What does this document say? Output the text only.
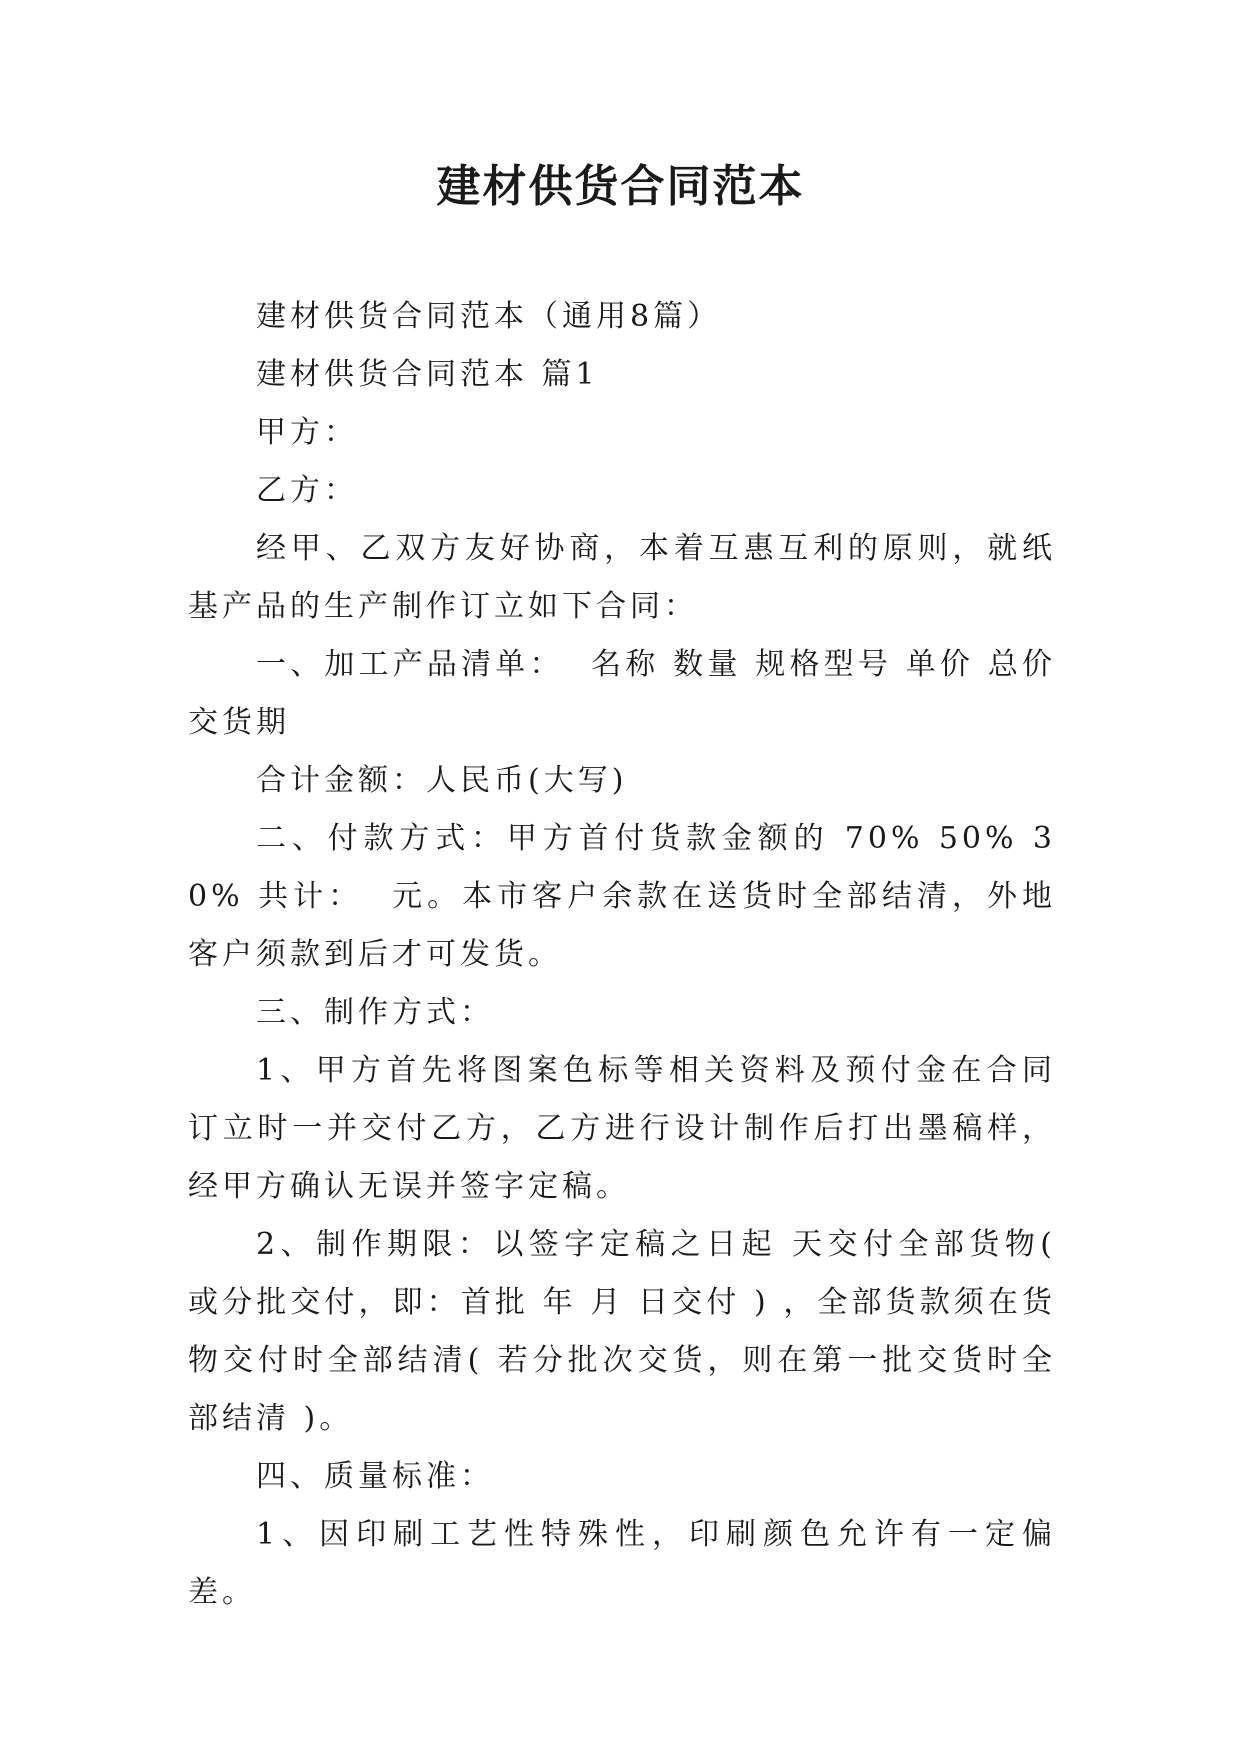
建材供货合同范本

建材供货合同范本（通用8篇）

建材供货合同范本 篇1

甲方：

乙方：

经甲、乙双方友好协商，本着互惠互利的原则，就纸基产品的生产制作订立如下合同：

一、加工产品清单：  名称 数量 规格型号 单价 总价 交货期

合计金额：人民币(大写)

二、付款方式：甲方首付货款金额的 70% 50% 30% 共计：  元。本市客户余款在送货时全部结清，外地客户须款到后才可发货。

三、制作方式：

1、甲方首先将图案色标等相关资料及预付金在合同订立时一并交付乙方，乙方进行设计制作后打出墨稿样，经甲方确认无误并签字定稿。

2、制作期限：以签字定稿之日起 天交付全部货物( 或分批交付，即：首批 年 月 日交付 ) ，全部货款须在货物交付时全部结清( 若分批次交货，则在第一批交货时全部结清 )。

四、质量标准：

1、因印刷工艺性特殊性，印刷颜色允许有一定偏差。
